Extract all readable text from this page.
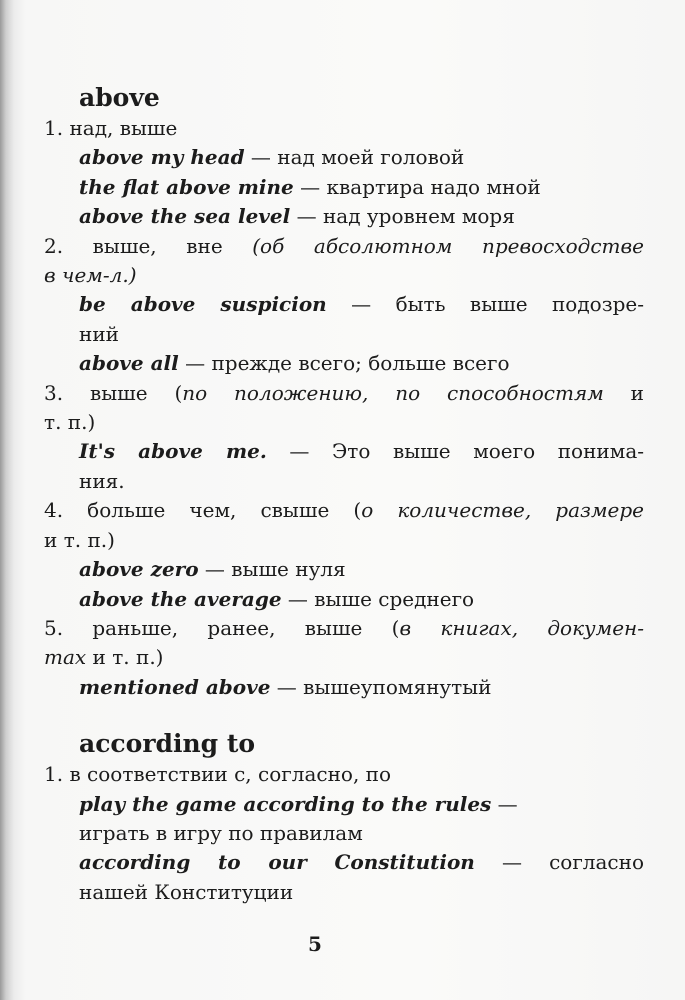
above
1. над, выше
above my head — над моей головой
the flat above mine — квартира надо мной
above the sea level — над уровнем моря
2. выше, вне (об абсолютном превосходстве
в чем-л.)
be above suspicion — быть выше подозре-
ний
above all — прежде всего; больше всего
3. выше (по положению, по способностям и
т. п.)
It's above me. — Это выше моего понима-
ния.
4. больше чем, свыше (о количестве, размере
и т. п.)
above zero — выше нуля
above the average — выше среднего
5. раньше, ранее, выше (в книгах, докумен-
тах и т. п.)
mentioned above — вышеупомянутый
according to
1. в соответствии с, согласно, по
play the game according to the rules —
играть в игру по правилам
according to our Constitution — согласно
нашей Конституции
5
